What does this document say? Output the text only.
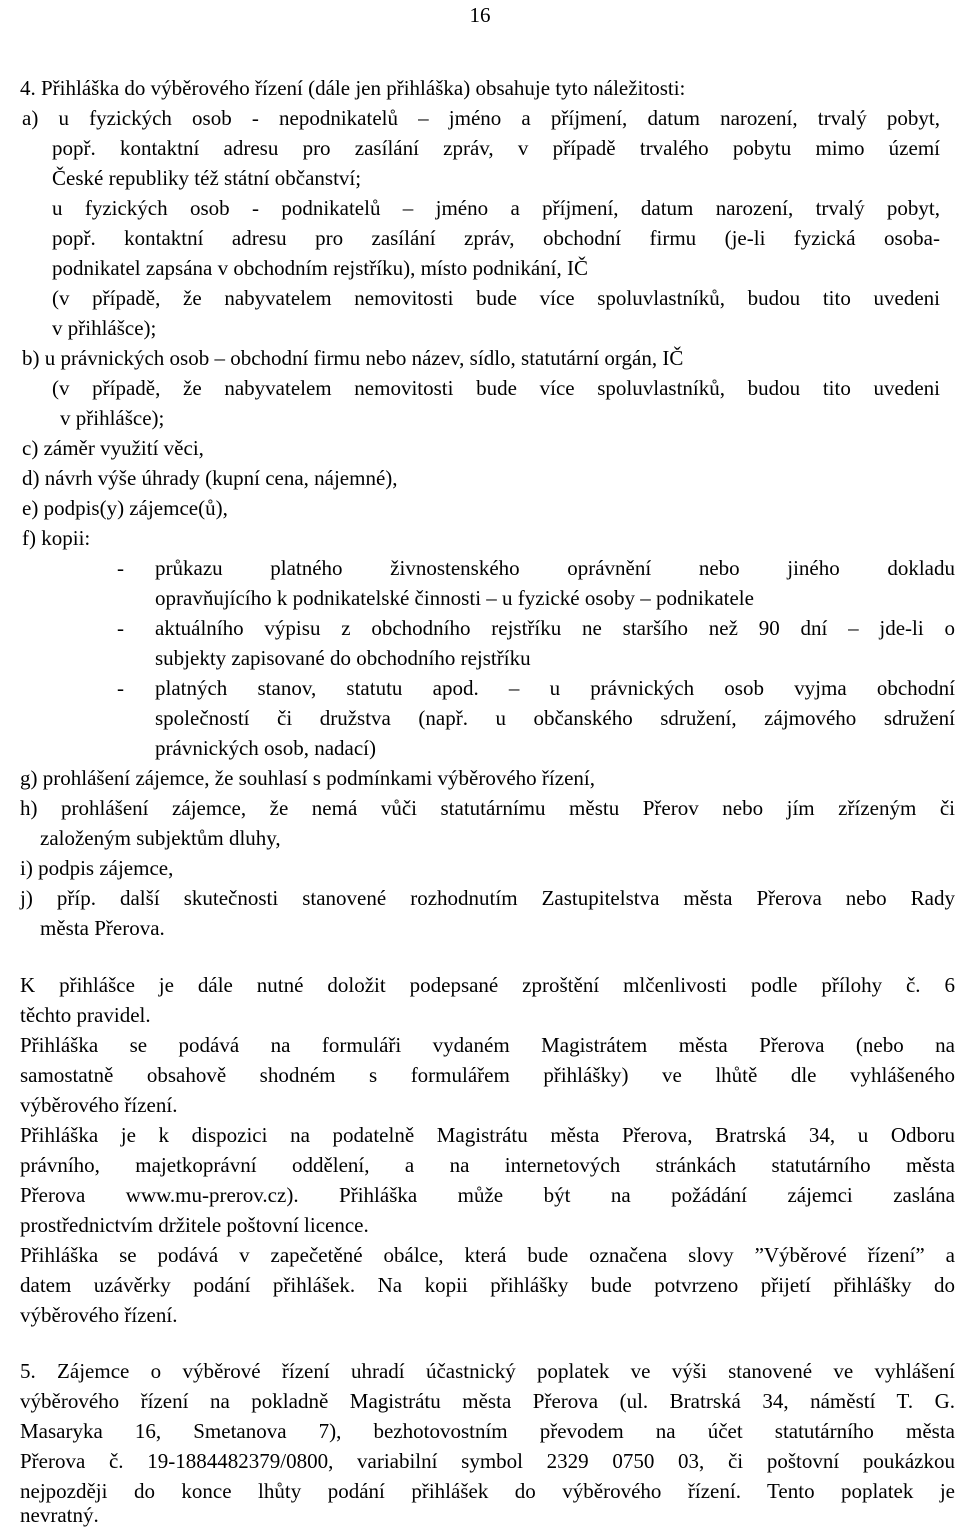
16
4. Přihláška do výběrového řízení (dále jen přihláška) obsahuje tyto náležitosti:
a) u fyzických osob - nepodnikatelů – jméno a příjmení, datum narození, trvalý pobyt,
popř. kontaktní adresu pro zasílání zpráv, v případě trvalého pobytu mimo území
České republiky též státní občanství;
u fyzických osob - podnikatelů – jméno a příjmení, datum narození, trvalý pobyt,
popř. kontaktní adresu pro zasílání zpráv, obchodní firmu (je-li fyzická osoba-
podnikatel zapsána v obchodním rejstříku), místo podnikání, IČ
(v případě, že nabyvatelem nemovitosti bude více spoluvlastníků, budou tito uvedeni
v přihlášce);
b) u právnických osob – obchodní firmu nebo název, sídlo, statutární orgán, IČ
(v případě, že nabyvatelem nemovitosti bude více spoluvlastníků, budou tito uvedeni
v přihlášce);
c) záměr využití věci,
d) návrh výše úhrady (kupní cena, nájemné),
e) podpis(y) zájemce(ů),
f) kopii:
-	průkazu platného živnostenského oprávnění nebo jiného dokladu
opravňujícího k podnikatelské činnosti – u fyzické osoby – podnikatele
-	aktuálního výpisu z obchodního rejstříku ne staršího než 90 dní – jde-li o
subjekty zapisované do obchodního rejstříku
-	platných stanov, statutu apod. – u právnických osob vyjma obchodní
společností či družstva (např. u občanského sdružení, zájmového sdružení
právnických osob, nadací)
g) prohlášení zájemce, že souhlasí s podmínkami výběrového řízení,
h) prohlášení zájemce, že nemá vůči statutárnímu městu Přerov nebo jím zřízeným či
založeným subjektům dluhy,
i) podpis zájemce,
j) příp. další skutečnosti stanovené rozhodnutím Zastupitelstva města Přerova nebo Rady
města Přerova.
K přihlášce je dále nutné doložit podepsané zproštění mlčenlivosti podle přílohy č. 6
těchto pravidel.
Přihláška se podává na formuláři vydaném Magistrátem města Přerova (nebo na
samostatně obsahově shodném s formulářem přihlášky) ve lhůtě dle vyhlášeného
výběrového řízení.
Přihláška je k dispozici na podatelně Magistrátu města Přerova, Bratrská 34, u Odboru
právního, majetkoprávní oddělení, a na internetových stránkách statutárního města
Přerova www.mu-prerov.cz). Přihláška může být na požádání zájemci zaslána
prostřednictvím držitele poštovní licence.
Přihláška se podává v zapečetěné obálce, která bude označena slovy ”Výběrové řízení” a
datem uzávěrky podání přihlášek. Na kopii přihlášky bude potvrzeno přijetí přihlášky do
výběrového řízení.
5. Zájemce o výběrové řízení uhradí účastnický poplatek ve výši stanovené ve vyhlášení
výběrového řízení na pokladně Magistrátu města Přerova (ul. Bratrská 34, náměstí T. G.
Masaryka 16, Smetanova 7), bezhotovostním převodem na účet statutárního města
Přerova č. 19-1884482379/0800, variabilní symbol 2329 0750 03, či poštovní poukázkou
nejpozději do konce lhůty podání přihlášek do výběrového řízení. Tento poplatek je
nevratný.
